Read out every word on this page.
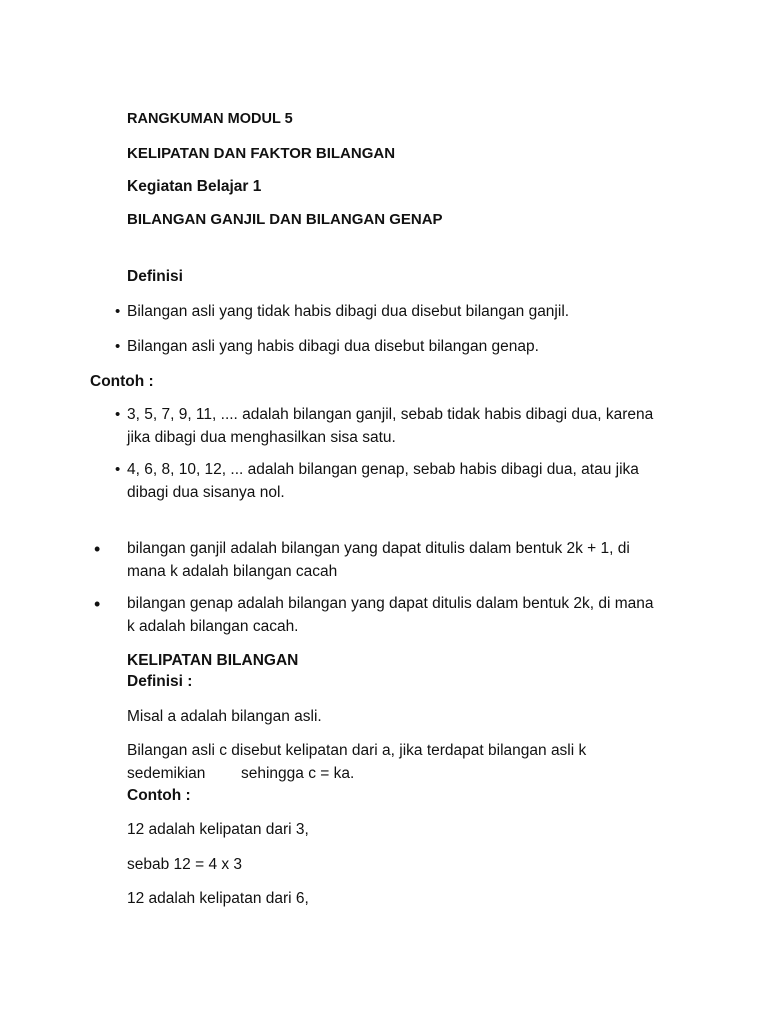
RANGKUMAN MODUL 5
KELIPATAN DAN FAKTOR BILANGAN
Kegiatan Belajar 1
BILANGAN GANJIL DAN BILANGAN GENAP
Definisi
• Bilangan asli yang tidak habis dibagi dua disebut bilangan ganjil.
• Bilangan asli yang habis dibagi dua disebut bilangan genap.
Contoh :
• 3, 5, 7, 9, 11, .... adalah bilangan ganjil, sebab tidak habis dibagi dua, karena
jika dibagi dua menghasilkan sisa satu.
• 4, 6, 8, 10, 12, ... adalah bilangan genap, sebab habis dibagi dua, atau jika
dibagi dua sisanya nol.
• bilangan ganjil adalah bilangan yang dapat ditulis dalam bentuk 2k + 1, di
mana k adalah bilangan cacah
• bilangan genap adalah bilangan yang dapat ditulis dalam bentuk 2k, di mana
k adalah bilangan cacah.
KELIPATAN BILANGAN
Definisi :
Misal a adalah bilangan asli.
Bilangan asli c disebut kelipatan dari a, jika terdapat bilangan asli k
sedemikian sehingga c = ka.
Contoh :
12 adalah kelipatan dari 3,
sebab 12 = 4 x 3
12 adalah kelipatan dari 6,
